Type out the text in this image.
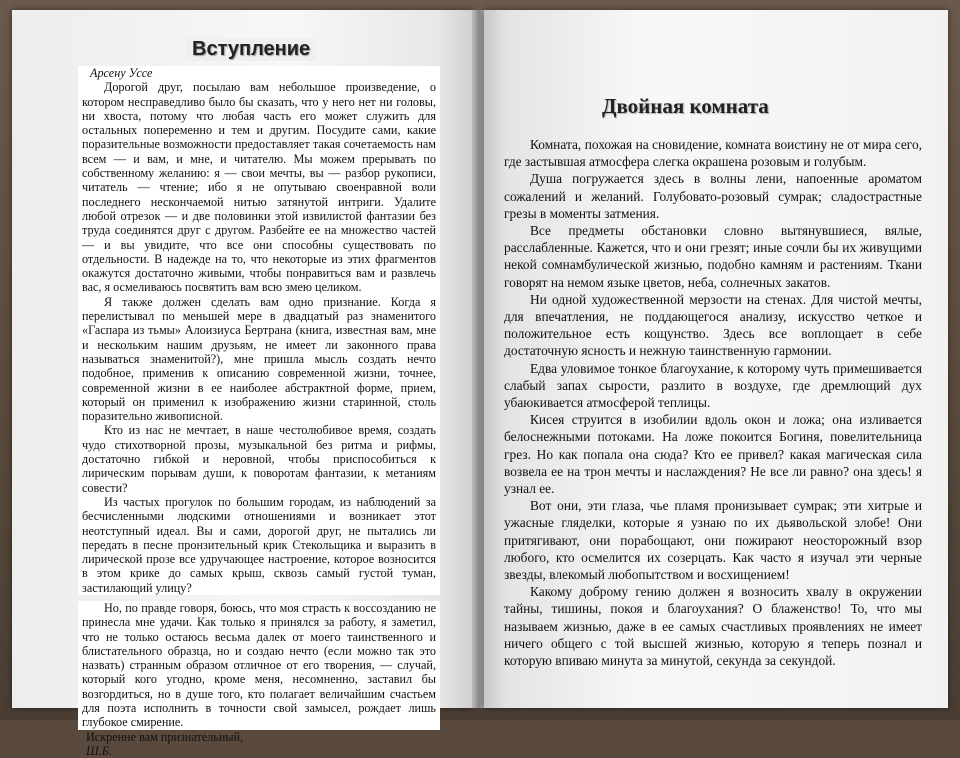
Вступление

Арсену Уссе

Дорогой друг, посылаю вам небольшое произведение, о котором несправедливо было бы сказать, что у него нет ни головы, ни хвоста, потому что любая часть его может служить для остальных попеременно и тем и другим. Посудите сами, какие поразительные возможности предоставляет такая сочетаемость нам всем — и вам, и мне, и читателю. Мы можем прерывать по собственному желанию: я — свои мечты, вы — разбор рукописи, читатель — чтение; ибо я не опутываю своенравной воли последнего нескончаемой нитью затянутой интриги. Удалите любой отрезок — и две половинки этой извилистой фантазии без труда соединятся друг с другом. Разбейте ее на множество частей — и вы увидите, что все они способны существовать по отдельности. В надежде на то, что некоторые из этих фрагментов окажутся достаточно живыми, чтобы понравиться вам и развлечь вас, я осмеливаюсь посвятить вам всю змею целиком.

Я также должен сделать вам одно признание. Когда я перелистывал по меньшей мере в двадцатый раз знаменитого «Гаспара из тьмы» Алоизиуса Бертрана (книга, известная вам, мне и нескольким нашим друзьям, не имеет ли законного права называться знаменитой?), мне пришла мысль создать нечто подобное, применив к описанию современной жизни, точнее, современной жизни в ее наиболее абстрактной форме, прием, который он применил к изображению жизни старинной, столь поразительно живописной.

Кто из нас не мечтает, в наше честолюбивое время, создать чудо стихотворной прозы, музыкальной без ритма и рифмы, достаточно гибкой и неровной, чтобы приспособиться к лирическим порывам души, к поворотам фантазии, к метаниям совести?

Из частых прогулок по большим городам, из наблюдений за бесчисленными людскими отношениями и возникает этот неотступный идеал. Вы и сами, дорогой друг, не пытались ли передать в песне пронзительный крик Стекольщика и выразить в лирической прозе все удручающее настроение, которое возносится в этом крике до самых крыш, сквозь самый густой туман, застилающий улицу?

Но, по правде говоря, боюсь, что моя страсть к воссозданию не принесла мне удачи. Как только я принялся за работу, я заметил, что не только остаюсь весьма далек от моего таинственного и блистательного образца, но и создаю нечто (если можно так это назвать) странным образом отличное от его творения, — случай, который кого угодно, кроме меня, несомненно, заставил бы возгордиться, но в душе того, кто полагает величайшим счастьем для поэта исполнить в точности свой замысел, рождает лишь глубокое смирение.

Искренне вам признательный,

Ш.Б.

Двойная комната

Комната, похожая на сновидение, комната воистину не от мира сего, где застывшая атмосфера слегка окрашена розовым и голубым.

Душа погружается здесь в волны лени, напоенные ароматом сожалений и желаний. Голубовато-розовый сумрак; сладострастные грезы в моменты затмения.

Все предметы обстановки словно вытянувшиеся, вялые, расслабленные. Кажется, что и они грезят; иные сочли бы их живущими некой сомнамбулической жизнью, подобно камням и растениям. Ткани говорят на немом языке цветов, неба, солнечных закатов.

Ни одной художественной мерзости на стенах. Для чистой мечты, для впечатления, не поддающегося анализу, искусство четкое и положительное есть кощунство. Здесь все воплощает в себе достаточную ясность и нежную таинственную гармонии.

Едва уловимое тонкое благоухание, к которому чуть примешивается слабый запах сырости, разлито в воздухе, где дремлющий дух убаюкивается атмосферой теплицы.

Кисея струится в изобилии вдоль окон и ложа; она изливается белоснежными потоками. На ложе покоится Богиня, повелительница грез. Но как попала она сюда? Кто ее привел? какая магическая сила возвела ее на трон мечты и наслаждения? Не все ли равно? она здесь! я узнал ее.

Вот они, эти глаза, чье пламя пронизывает сумрак; эти хитрые и ужасные гляделки, которые я узнаю по их дьявольской злобе! Они притягивают, они порабощают, они пожирают неосторожный взор любого, кто осмелится их созерцать. Как часто я изучал эти черные звезды, влекомый любопытством и восхищением!

Какому доброму гению должен я возносить хвалу в окружении тайны, тишины, покоя и благоухания? О блаженство! То, что мы называем жизнью, даже в ее самых счастливых проявлениях не имеет ничего общего с той высшей жизнью, которую я теперь познал и которую впиваю минута за минутой, секунда за секундой.
